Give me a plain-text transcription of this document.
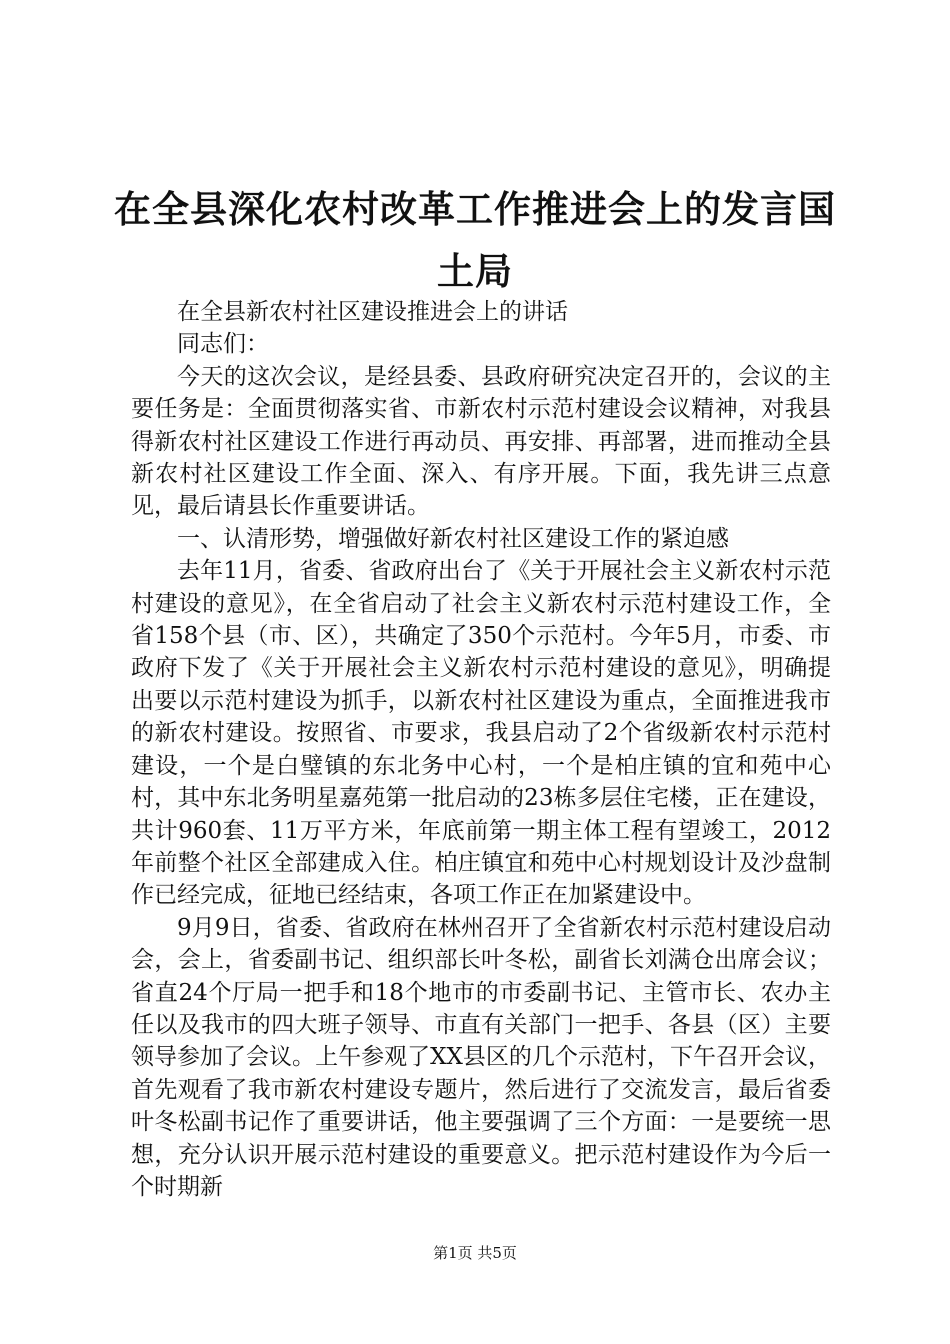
在全县深化农村改革工作推进会上的发言国土局

在全县新农村社区建设推进会上的讲话

同志们：

今天的这次会议，是经县委、县政府研究决定召开的，会议的主要任务是：全面贯彻落实省、市新农村示范村建设会议精神，对我县得新农村社区建设工作进行再动员、再安排、再部署，进而推动全县新农村社区建设工作全面、深入、有序开展。下面，我先讲三点意见，最后请县长作重要讲话。

一、认清形势，增强做好新农村社区建设工作的紧迫感

去年11月，省委、省政府出台了《关于开展社会主义新农村示范村建设的意见》，在全省启动了社会主义新农村示范村建设工作，全省158个县（市、区），共确定了350个示范村。今年5月，市委、市政府下发了《关于开展社会主义新农村示范村建设的意见》，明确提出要以示范村建设为抓手，以新农村社区建设为重点，全面推进我市的新农村建设。按照省、市要求，我县启动了2个省级新农村示范村建设，一个是白璧镇的东北务中心村，一个是柏庄镇的宜和苑中心村，其中东北务明星嘉苑第一批启动的23栋多层住宅楼，正在建设，共计960套、11万平方米，年底前第一期主体工程有望竣工，2012年前整个社区全部建成入住。柏庄镇宜和苑中心村规划设计及沙盘制作已经完成，征地已经结束，各项工作正在加紧建设中。

9月9日，省委、省政府在林州召开了全省新农村示范村建设启动会，会上，省委副书记、组织部长叶冬松，副省长刘满仓出席会议；省直24个厅局一把手和18个地市的市委副书记、主管市长、农办主任以及我市的四大班子领导、市直有关部门一把手、各县（区）主要领导参加了会议。上午参观了XX县区的几个示范村，下午召开会议，首先观看了我市新农村建设专题片，然后进行了交流发言，最后省委叶冬松副书记作了重要讲话，他主要强调了三个方面：一是要统一思想，充分认识开展示范村建设的重要意义。把示范村建设作为今后一个时期新

第1页 共5页
